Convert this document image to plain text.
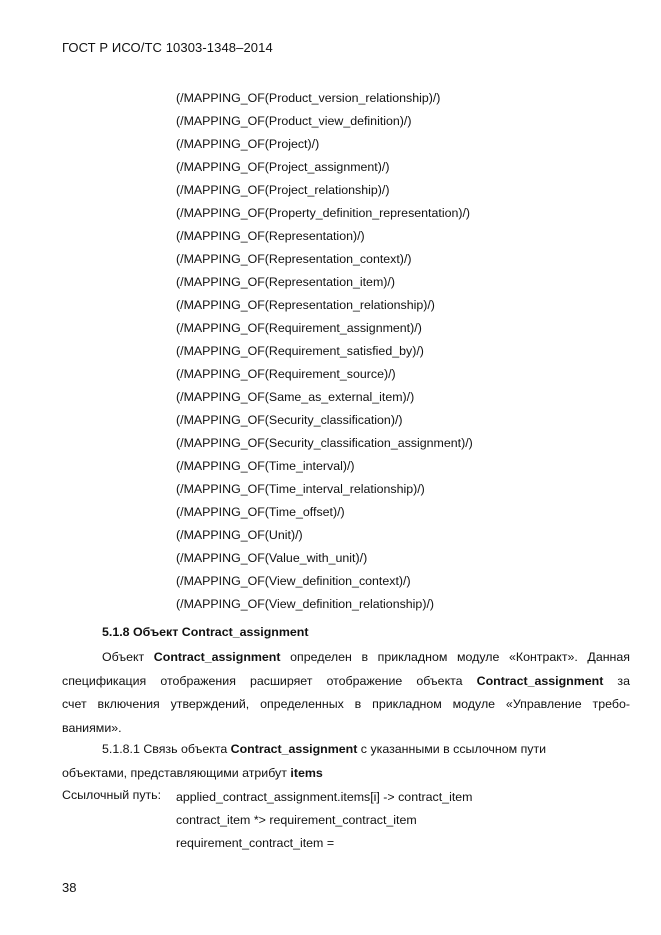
ГОСТ Р ИСО/ТС 10303-1348–2014
(/MAPPING_OF(Product_version_relationship)/)
(/MAPPING_OF(Product_view_definition)/)
(/MAPPING_OF(Project)/)
(/MAPPING_OF(Project_assignment)/)
(/MAPPING_OF(Project_relationship)/)
(/MAPPING_OF(Property_definition_representation)/)
(/MAPPING_OF(Representation)/)
(/MAPPING_OF(Representation_context)/)
(/MAPPING_OF(Representation_item)/)
(/MAPPING_OF(Representation_relationship)/)
(/MAPPING_OF(Requirement_assignment)/)
(/MAPPING_OF(Requirement_satisfied_by)/)
(/MAPPING_OF(Requirement_source)/)
(/MAPPING_OF(Same_as_external_item)/)
(/MAPPING_OF(Security_classification)/)
(/MAPPING_OF(Security_classification_assignment)/)
(/MAPPING_OF(Time_interval)/)
(/MAPPING_OF(Time_interval_relationship)/)
(/MAPPING_OF(Time_offset)/)
(/MAPPING_OF(Unit)/)
(/MAPPING_OF(Value_with_unit)/)
(/MAPPING_OF(View_definition_context)/)
(/MAPPING_OF(View_definition_relationship)/)
5.1.8 Объект Contract_assignment
Объект Contract_assignment определен в прикладном модуле «Контракт». Данная
спецификация отображения расширяет отображение объекта Contract_assignment за
счет включения утверждений, определенных в прикладном модуле «Управление требо-
ваниями».
5.1.8.1 Связь объекта Contract_assignment с указанными в ссылочном пути
объектами, представляющими атрибут items
Ссылочный путь: applied_contract_assignment.items[i] -> contract_item
contract_item *> requirement_contract_item
requirement_contract_item =
38
